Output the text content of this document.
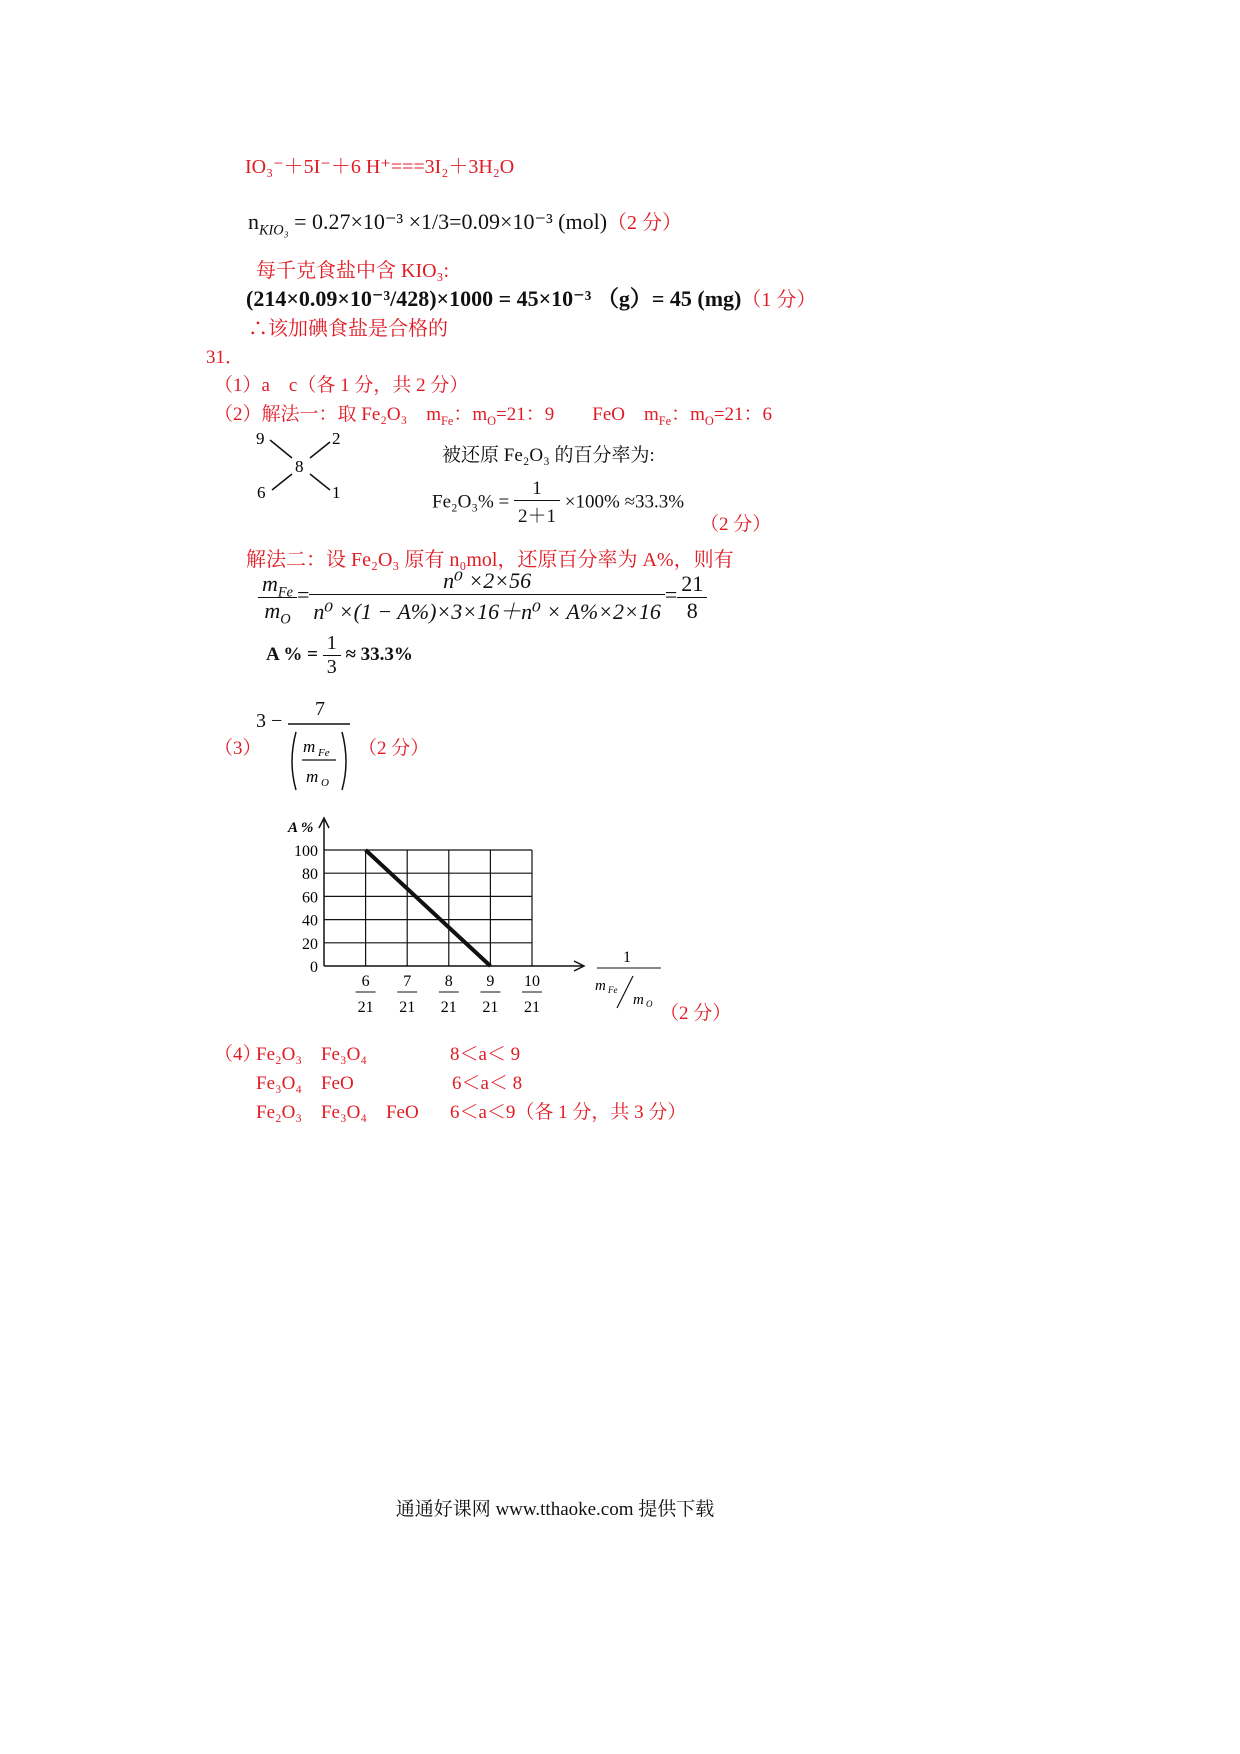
IO₃⁻＋5I⁻＋6 H⁺===3I₂＋3H₂O
$n_{KIO_3} = 0.27\times 10^{-3} \times 1/3=0.09\times 10^{-3}$ (mol)（2 分）
每千克食盐中含 KIO₃:
(214×0.09×10⁻³/428)×1000 = 45×10⁻³ （g）= 45 (mg)（1 分）
∴该加碘食盐是合格的
31．
（1）a　c（各 1 分，共 2 分）
（2）解法一：取 Fe₂O₃　$m_{Fe}$：$m_O=21$：9　　FeO　$m_{Fe}$：$m_O=21$：6
9	2
8
6	1
被还原 Fe₂O₃ 的百分率为:
$Fe_2O_3\% = \frac{1}{2+1} \times 100\% \approx 33.3\%$
（2 分）
解法二：设 Fe₂O₃ 原有 n₀mol，还原百分率为 A%，则有
$\frac{m_{Fe}}{m_O} = \frac{\text{n⁰ ×2×56}}{\text{n⁰ ×(1 − A\%)×3×16＋n⁰ × A\%×2×16}} = \frac{21}{8}$
A % = $\frac{1}{3} \approx 33.3\%$
（3）
3 −
7
m Fe
m O
（2 分）
100
80
60
40
20
0
A %
6
21
7
21
8
21
9
21
10
21
1
m Fe
m O （2 分）
（4）
Fe₂O₃　Fe₃O₄	8＜a＜ 9
Fe₃O₄　FeO	6＜a＜ 8
Fe₂O₃　Fe₃O₄　FeO 6＜a＜9（各 1 分，共 3 分）
通通好课网 www.tthaoke.com 提供下载
